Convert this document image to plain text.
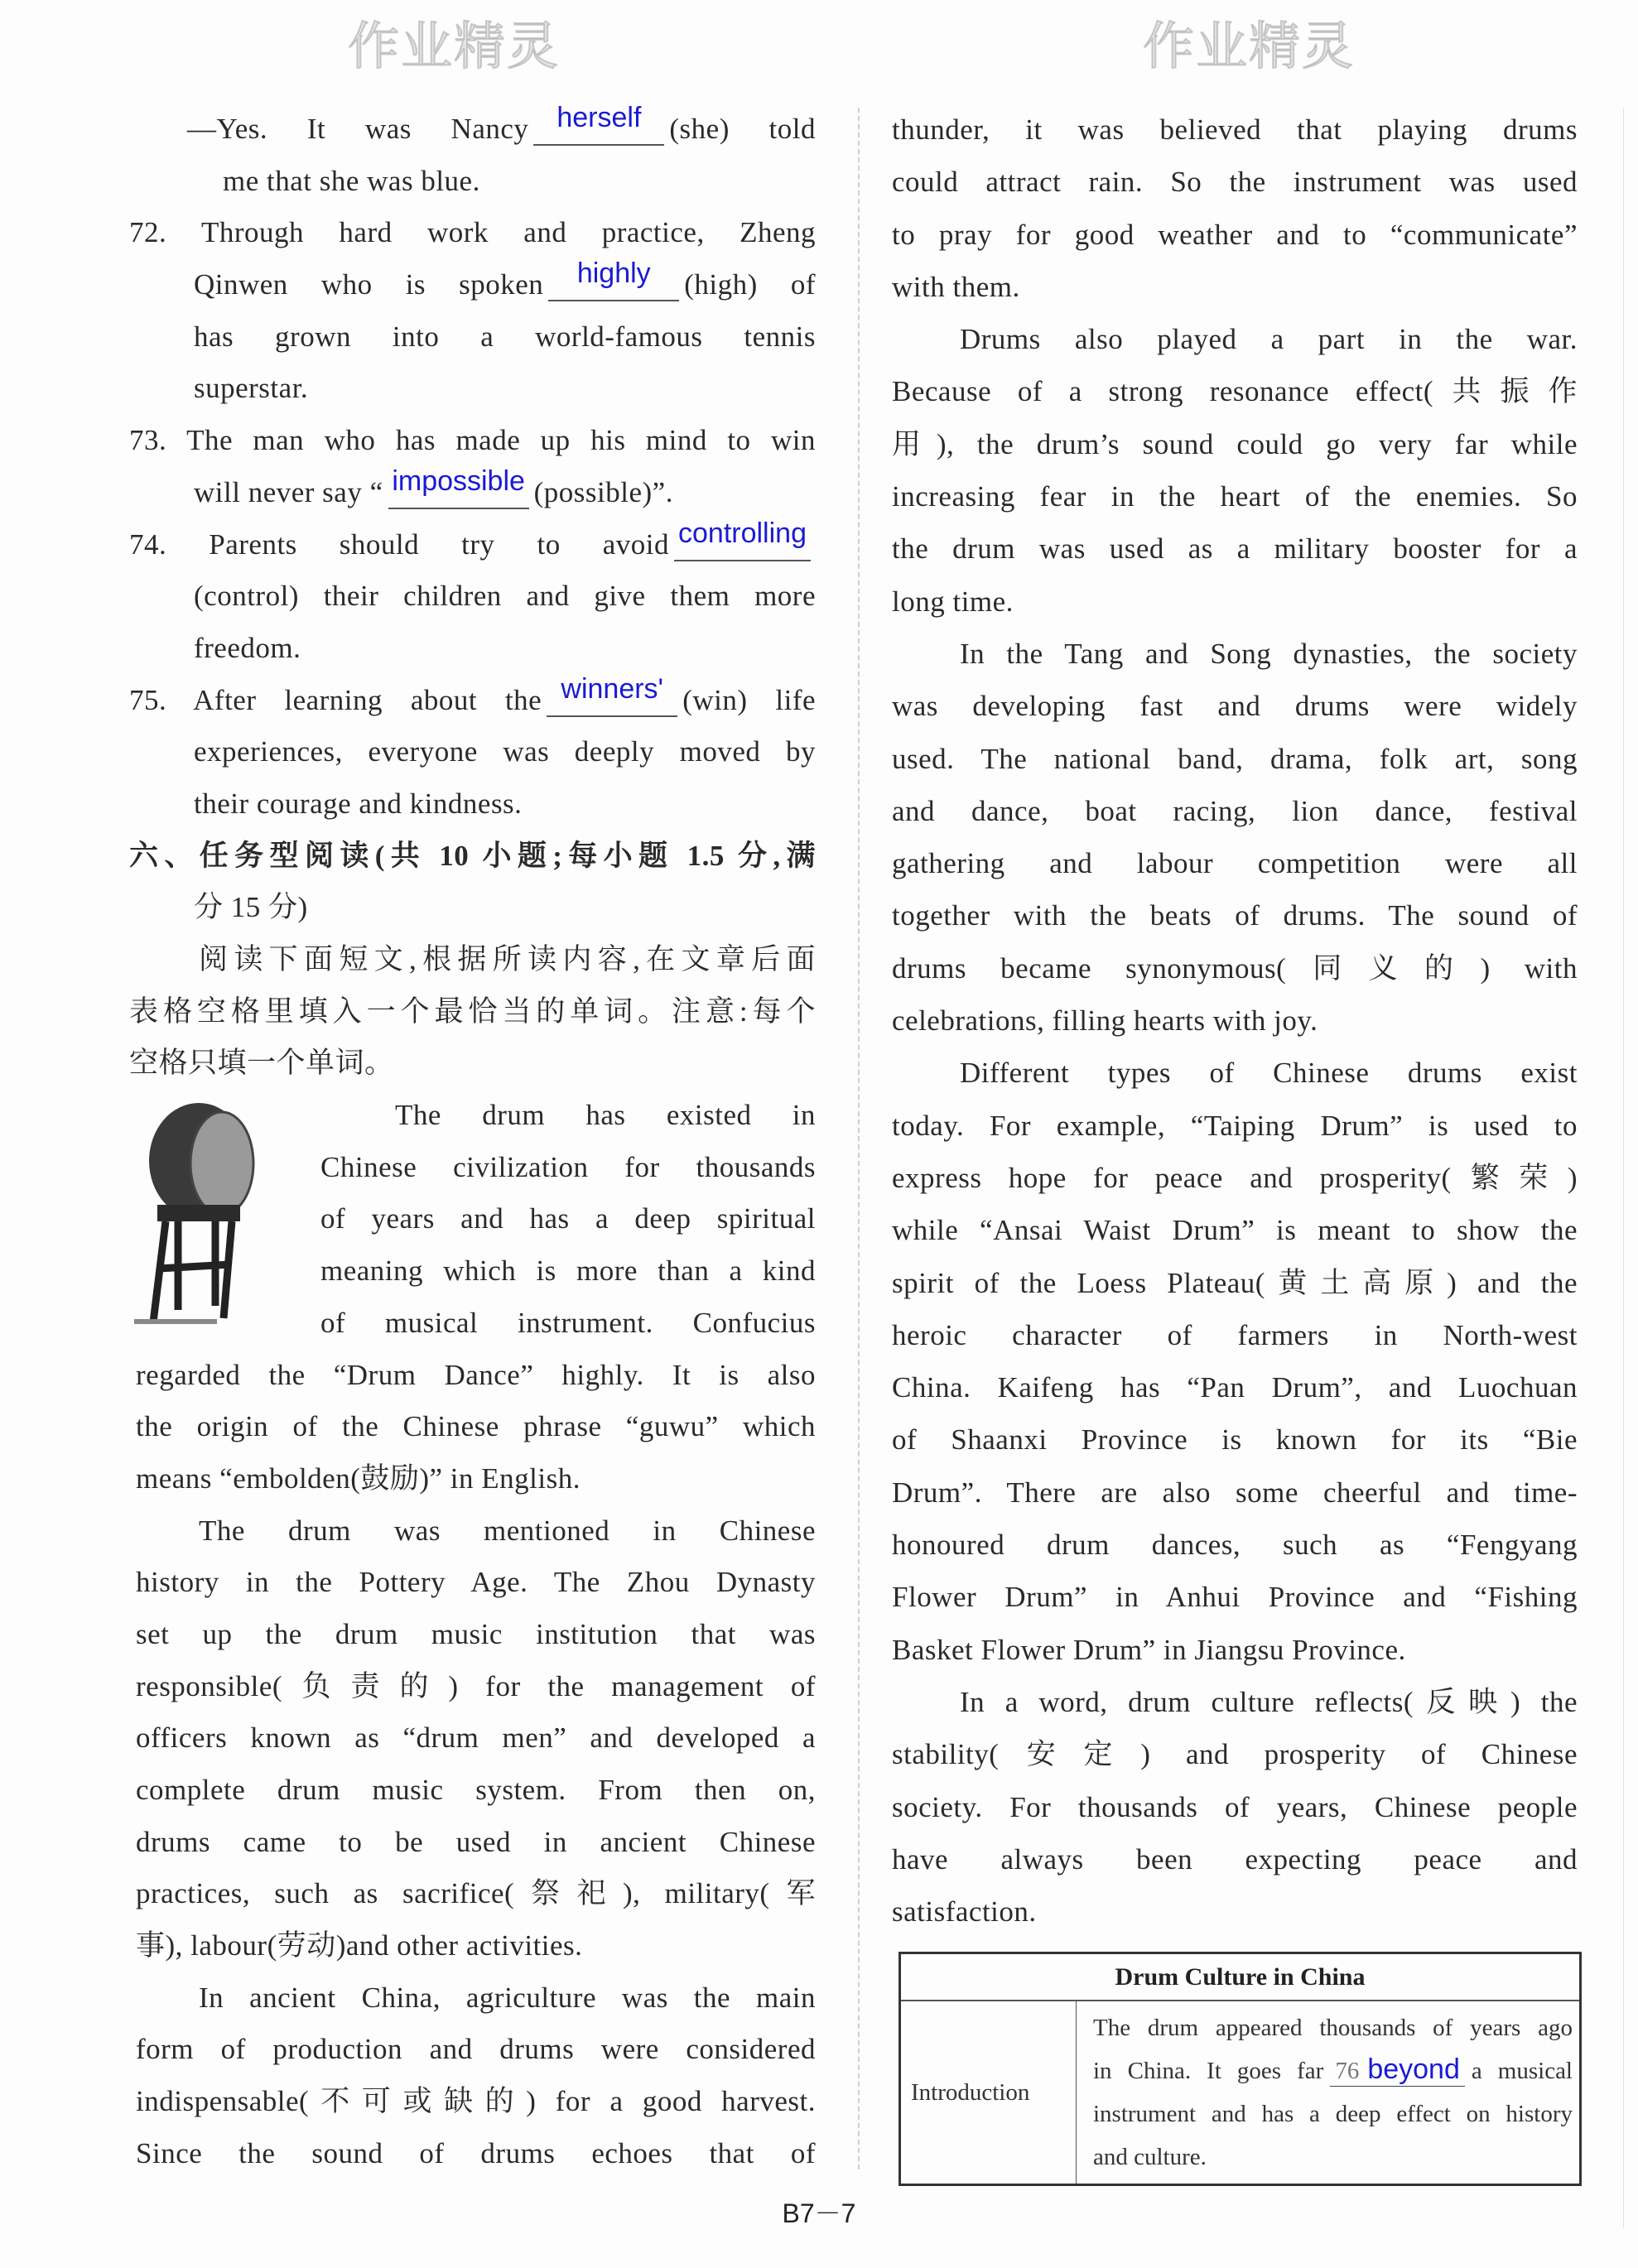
—Yes. It was Nancy herself (she) told
me that she was blue.
72. Through hard work and practice, Zheng
Qinwen who is spoken highly (high) of
has grown into a world-famous tennis
superstar.
73. The man who has made up his mind to win
will never say “ impossible (possible)”.
74. Parents should try to avoid controlling
(control) their children and give them more
freedom.
75. After learning about the winners' (win) life
experiences, everyone was deeply moved by
their courage and kindness.
六、任务型阅读(共 10 小题;每小题 1.5 分,满
分 15 分)
阅读下面短文,根据所读内容,在文章后面
表格空格里填入一个最恰当的单词。注意:每个
空格只填一个单词。
The drum has existed in
Chinese civilization for thousands
of years and has a deep spiritual
meaning which is more than a kind
of musical instrument. Confucius
regarded the “Drum Dance” highly. It is also
the origin of the Chinese phrase “guwu” which
means “embolden(鼓励)” in English.
The drum was mentioned in Chinese
history in the Pottery Age. The Zhou Dynasty
set up the drum music institution that was
responsible(负责的) for the management of
officers known as “drum men” and developed a
complete drum music system. From then on,
drums came to be used in ancient Chinese
practices, such as sacrifice(祭祀), military(军
事), labour(劳动)and other activities.
In ancient China, agriculture was the main
form of production and drums were considered
indispensable(不可或缺的) for a good harvest.
Since the sound of drums echoes that of
thunder, it was believed that playing drums
could attract rain. So the instrument was used
to pray for good weather and to “communicate”
with them.
Drums also played a part in the war.
Because of a strong resonance effect(共振作
用), the drum’s sound could go very far while
increasing fear in the heart of the enemies. So
the drum was used as a military booster for a
long time.
In the Tang and Song dynasties, the society
was developing fast and drums were widely
used. The national band, drama, folk art, song
and dance, boat racing, lion dance, festival
gathering and labour competition were all
together with the beats of drums. The sound of
drums became synonymous(同义的) with
celebrations, filling hearts with joy.
Different types of Chinese drums exist
today. For example, “Taiping Drum” is used to
express hope for peace and prosperity(繁荣)
while “Ansai Waist Drum” is meant to show the
spirit of the Loess Plateau(黄土高原) and the
heroic character of farmers in North-west
China. Kaifeng has “Pan Drum”, and Luochuan
of Shaanxi Province is known for its “Bie
Drum”. There are also some cheerful and time-
honoured drum dances, such as “Fengyang
Flower Drum” in Anhui Province and “Fishing
Basket Flower Drum” in Jiangsu Province.
In a word, drum culture reflects(反映) the
stability(安定) and prosperity of Chinese
society. For thousands of years, Chinese people
have always been expecting peace and
satisfaction.
作业精灵	作业精灵
Drum Culture in China
Introduction	
The drum appeared thousands of years ago
in China. It goes far 76 beyond a musical
instrument and has a deep effect on history
and culture.
B7－7
